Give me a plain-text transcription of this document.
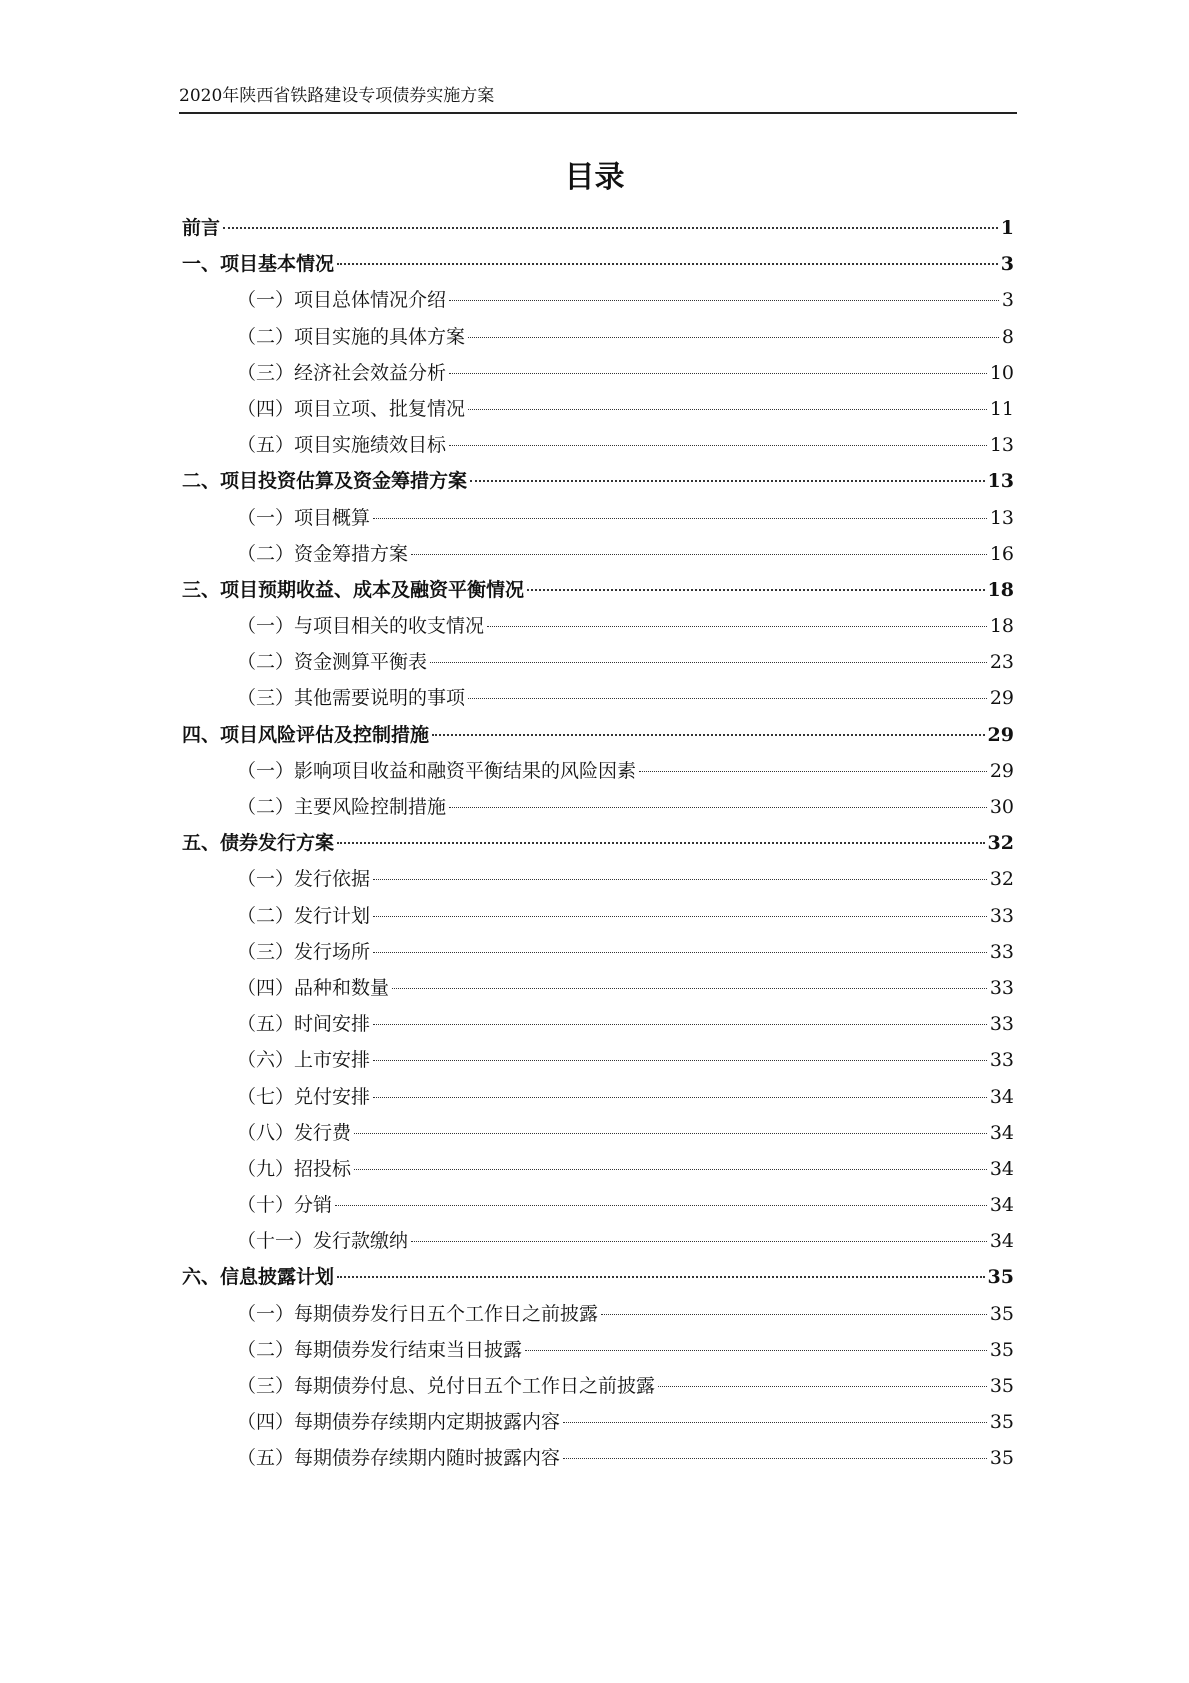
2020年陕西省铁路建设专项债券实施方案
目录
前言	1
一、项目基本情况	3
（一）项目总体情况介绍	3
（二）项目实施的具体方案	8
（三）经济社会效益分析	10
（四）项目立项、批复情况	11
（五）项目实施绩效目标	13
二、项目投资估算及资金筹措方案	13
（一）项目概算	13
（二）资金筹措方案	16
三、项目预期收益、成本及融资平衡情况	18
（一）与项目相关的收支情况	18
（二）资金测算平衡表	23
（三）其他需要说明的事项	29
四、项目风险评估及控制措施	29
（一）影响项目收益和融资平衡结果的风险因素	29
（二）主要风险控制措施	30
五、债券发行方案	32
（一）发行依据	32
（二）发行计划	33
（三）发行场所	33
（四）品种和数量	33
（五）时间安排	33
（六）上市安排	33
（七）兑付安排	34
（八）发行费	34
（九）招投标	34
（十）分销	34
（十一）发行款缴纳	34
六、信息披露计划	35
（一）每期债券发行日五个工作日之前披露	35
（二）每期债券发行结束当日披露	35
（三）每期债券付息、兑付日五个工作日之前披露	35
（四）每期债券存续期内定期披露内容	35
（五）每期债券存续期内随时披露内容	35
